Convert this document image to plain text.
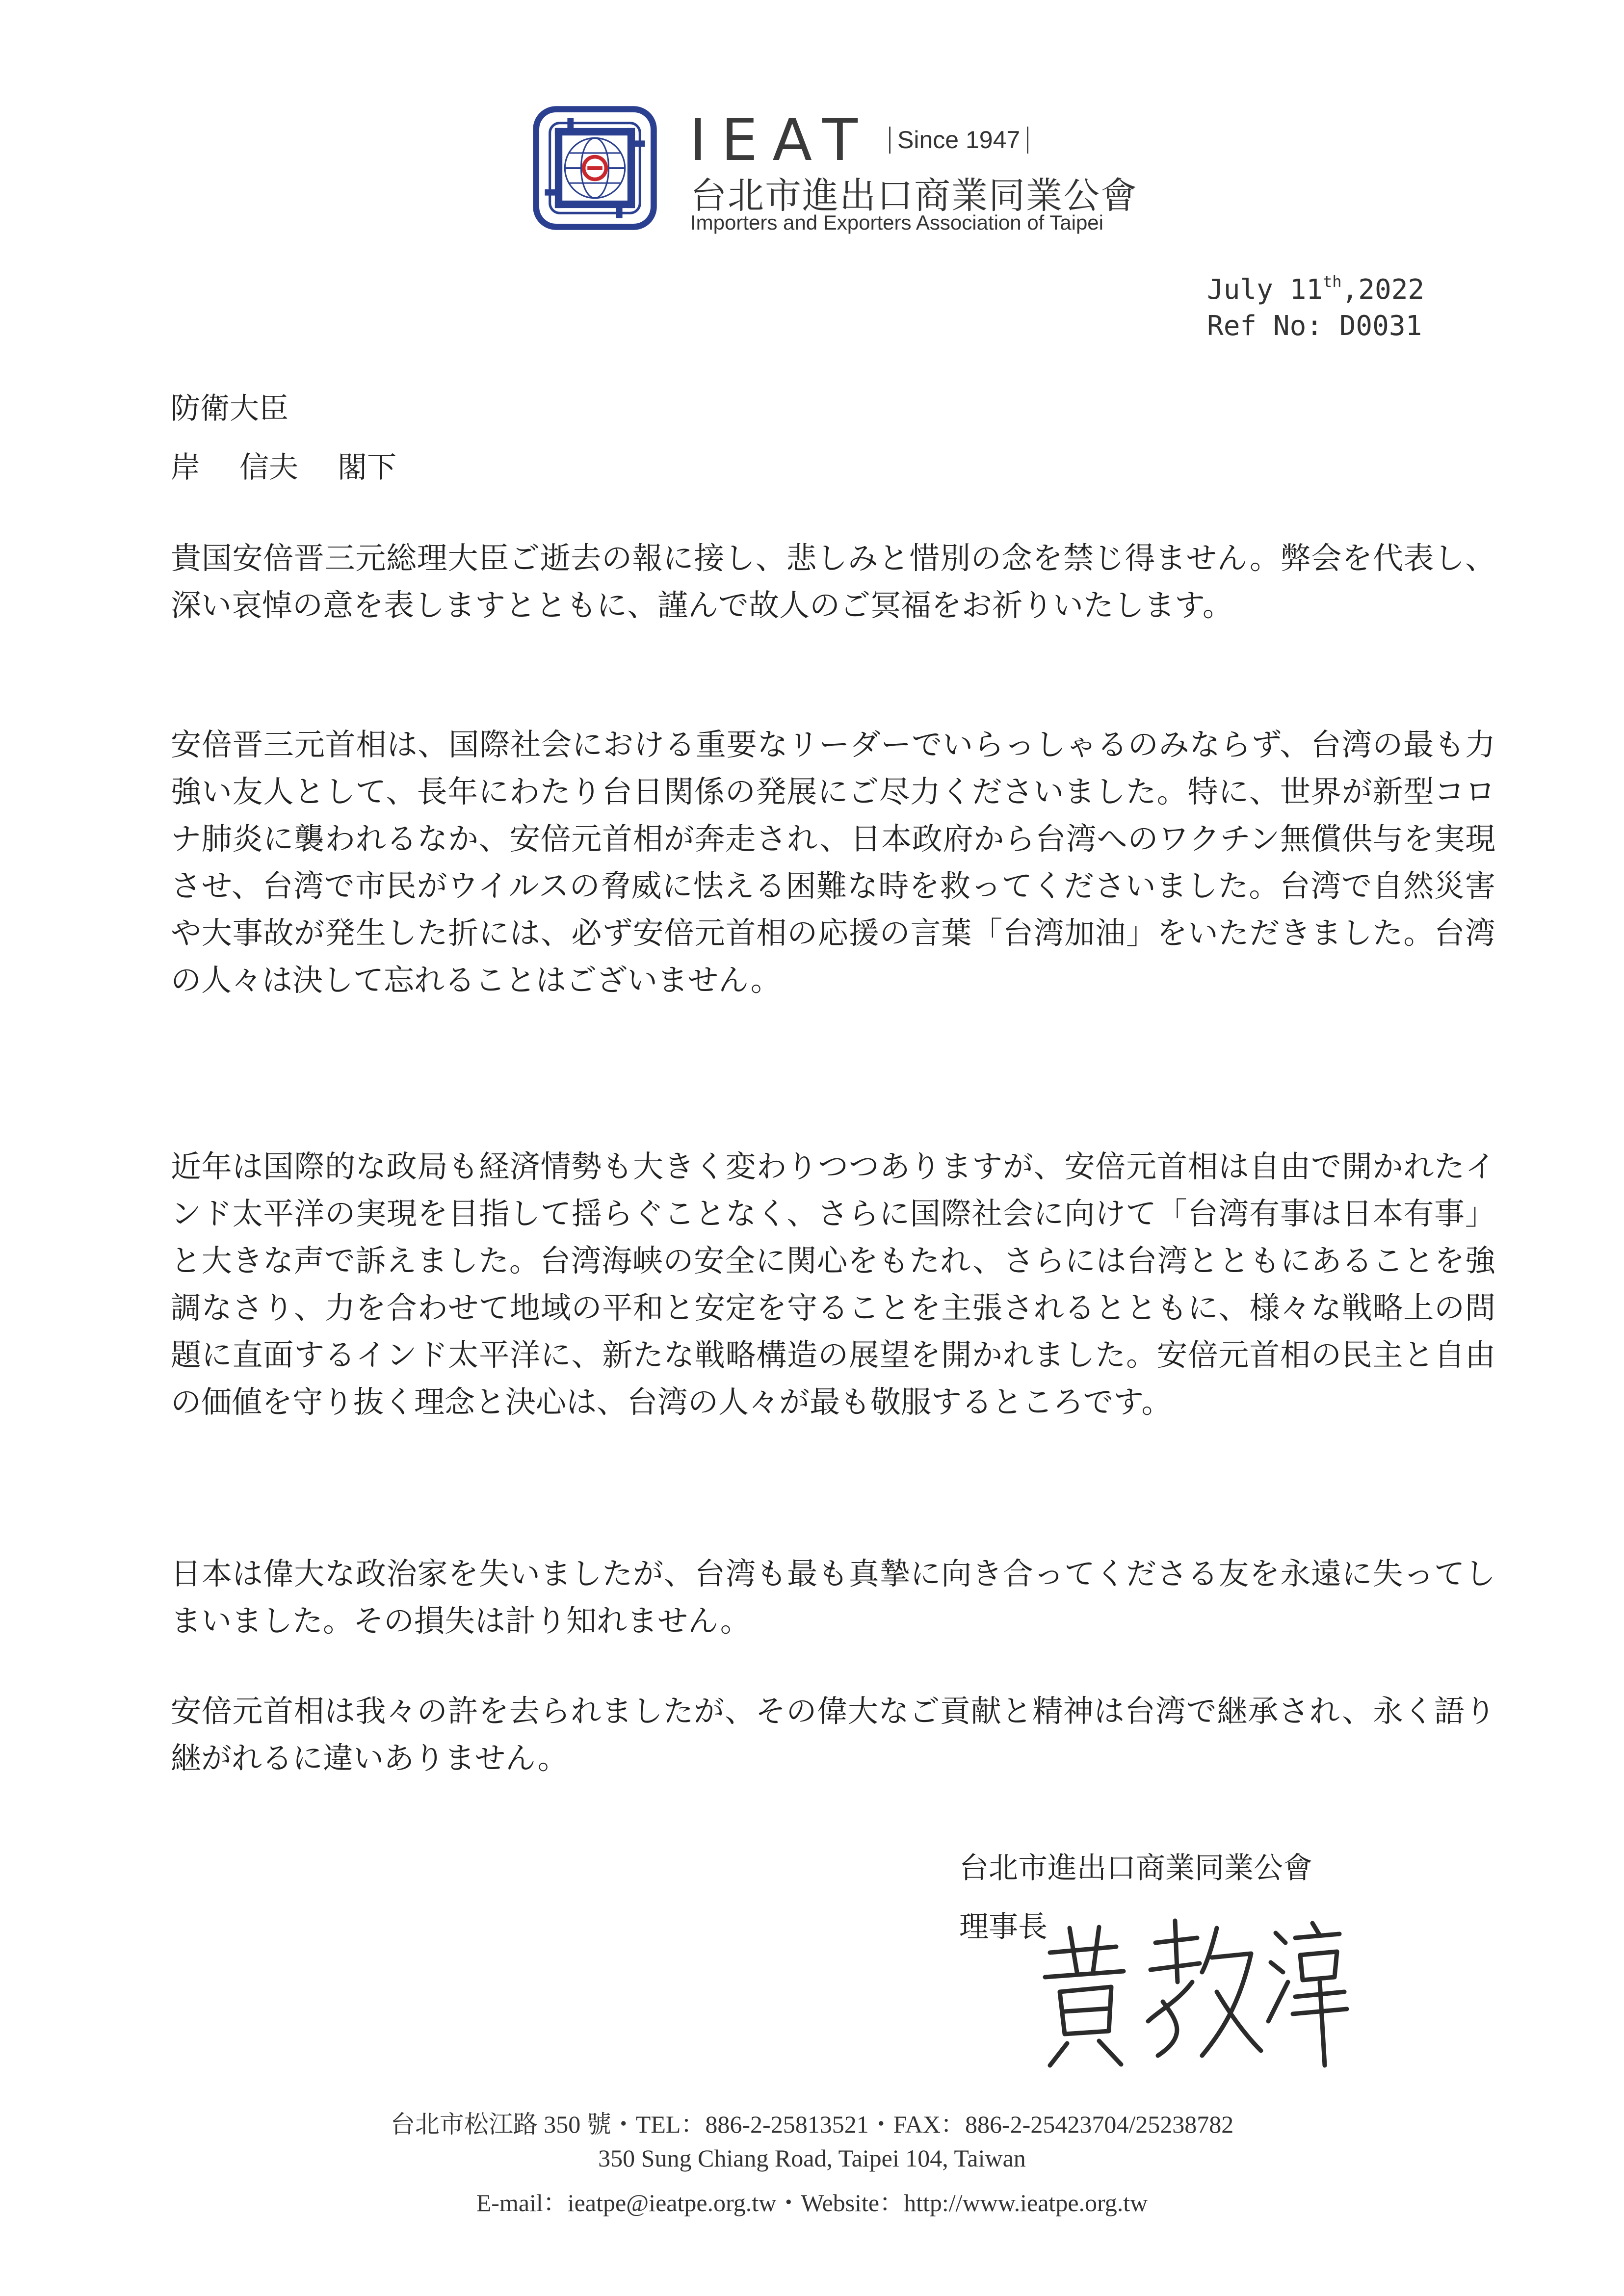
IEAT Since 1947
台北市進出口商業同業公會
Importers and Exporters Association of Taipei
July 11th,2022
Ref No: D0031
防衛大臣
岸 信夫 閣下

貴国安倍晋三元総理大臣ご逝去の報に接し、悲しみと惜別の念を禁じ得ません。弊会を代表し、深い哀悼の意を表しますとともに、謹んで故人のご冥福をお祈りいたします。

安倍晋三元首相は、国際社会における重要なリーダーでいらっしゃるのみならず、台湾の最も力強い友人として、長年にわたり台日関係の発展にご尽力くださいました。特に、世界が新型コロナ肺炎に襲われるなか、安倍元首相が奔走され、日本政府から台湾へのワクチン無償供与を実現させ、台湾で市民がウイルスの脅威に怯える困難な時を救ってくださいました。台湾で自然災害や大事故が発生した折には、必ず安倍元首相の応援の言葉「台湾加油」をいただきました。台湾の人々は決して忘れることはございません。

近年は国際的な政局も経済情勢も大きく変わりつつありますが、安倍元首相は自由で開かれたインド太平洋の実現を目指して揺らぐことなく、さらに国際社会に向けて「台湾有事は日本有事」と大きな声で訴えました。台湾海峡の安全に関心をもたれ、さらには台湾とともにあることを強調なさり、力を合わせて地域の平和と安定を守ることを主張されるとともに、様々な戦略上の問題に直面するインド太平洋に、新たな戦略構造の展望を開かれました。安倍元首相の民主と自由の価値を守り抜く理念と決心は、台湾の人々が最も敬服するところです。

日本は偉大な政治家を失いましたが、台湾も最も真摯に向き合ってくださる友を永遠に失ってしまいました。その損失は計り知れません。

安倍元首相は我々の許を去られましたが、その偉大なご貢献と精神は台湾で継承され、永く語り継がれるに違いありません。

台北市進出口商業同業公會
理事長
台北市松江路 350 號・TEL：886-2-25813521・FAX：886-2-25423704/25238782
350 Sung Chiang Road, Taipei 104, Taiwan
E-mail：ieatpe@ieatpe.org.tw・Website：http://www.ieatpe.org.tw
